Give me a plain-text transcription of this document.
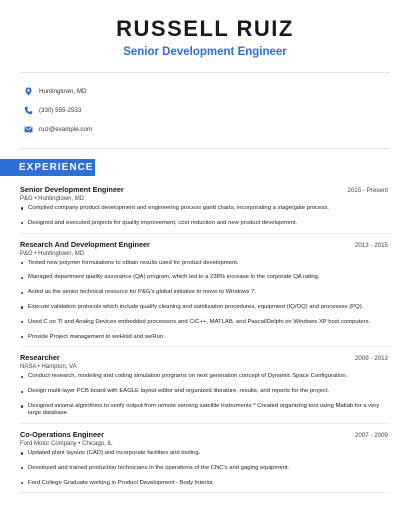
RUSSELL RUIZ
Senior Development Engineer
Huntingtown, MD
(330) 555-2533
ruiz@example.com
EXPERIENCE
Senior Development Engineer	2015 - Present
P&G • Huntingtown, MD
Compiled company product development and engineering process gantt charts, incorporating a stage/gate process.
Designed and executed projects for quality improvement, cost reduction and new product development.
Research And Development Engineer	2013 - 2015
P&G • Huntingtown, MD
Tested new polymer formulations to obtain results used for product development.
Managed department quality assurance (QA) program, which led to a 238% increase in the corporate QA rating.
Acted as the senior technical resource for P&G's global initiative to move to Windows 7.
Execute validation protocols which include qualify cleaning and sanitization procedures, equipment (IQ/OQ) and processes (PQ).
Used C on TI and Analog Devices embedded processors and C/C++, MATLAB, and Pascal/Delphi on Windows XP host computers.
Provide Project management to weHold and weRun.
Researcher	2009 - 2013
NASA • Hampton, VA
Conduct research, modeling and coding simulation programs on next generation concept of Dynamic Space Configuration.
Design multi-layer PCB board with EAGLE layout editor and organized literature, results, and reports for the project.
Designed several algorithms to verify output from remote sensing satellite instruments * Created organizing tool using Matlab for a very large database
Co-Operations Engineer	2007 - 2009
Ford Motor Company • Chicago, IL
Updated plant layouts (CAD) and incorporate facilities and tooling.
Developed and trained production technicians in the operations of the CNC's and gaging equipment.
Ford College Graduate working in Product Development - Body Interior.
